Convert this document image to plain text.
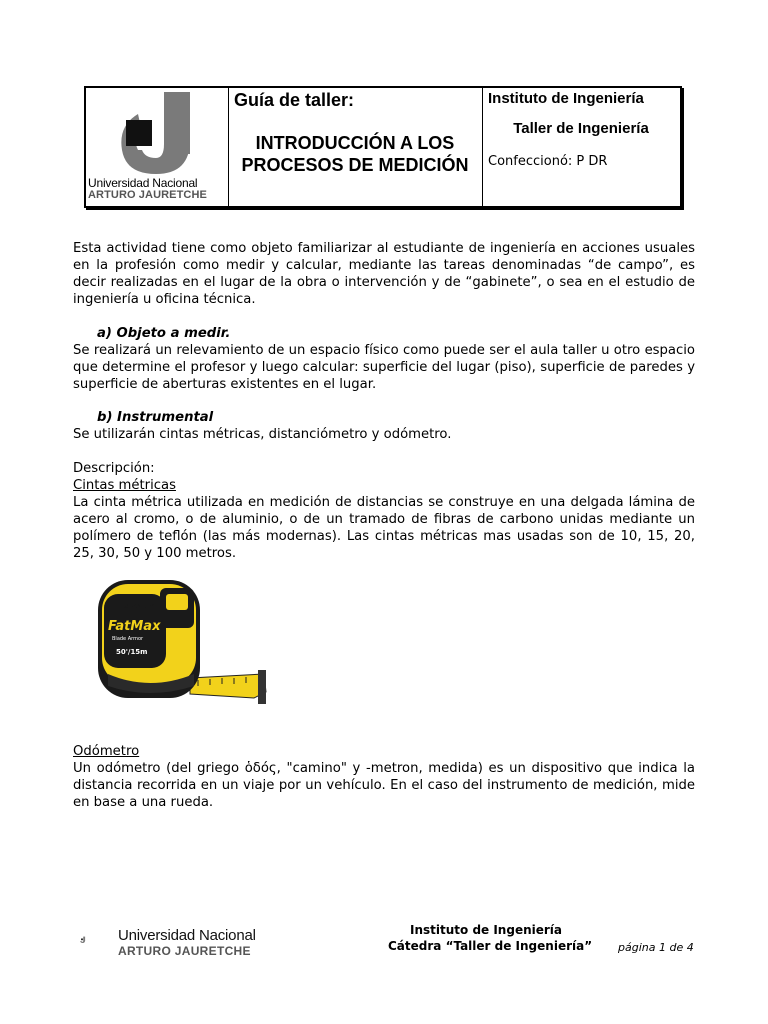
Universidad Nacional
ARTURO JAURETCHE
Guía de taller:
INTRODUCCIÓN A LOS PROCESOS DE MEDICIÓN
Instituto de Ingeniería
Taller de Ingeniería
Confeccionó: P DR
Esta actividad tiene como objeto familiarizar al estudiante de ingeniería en acciones usuales en la profesión como medir y calcular, mediante las tareas denominadas “de campo”, es decir realizadas en el lugar de la obra o intervención y de “gabinete”, o sea en el estudio de ingeniería u oficina técnica.
a) Objeto a medir.
Se realizará un relevamiento de un espacio físico como puede ser el aula taller u otro espacio que determine el profesor y luego calcular: superficie del lugar (piso), superficie de paredes y superficie de aberturas existentes en el lugar.
b) Instrumental
Se utilizarán cintas métricas, distanciómetro y odómetro.
Descripción:
Cintas métricas
La cinta métrica utilizada en medición de distancias se construye en una delgada lámina de acero al cromo, o de aluminio, o de un tramado de fibras de carbono unidas mediante un polímero de teflón (las más modernas). Las cintas métricas mas usadas son de 10, 15, 20, 25, 30, 50 y 100 metros.
STANLEY
FatMax
Blade Armor
50'/15m
Odómetro
Un odómetro (del griego ὁδός, "camino" y -metron, medida) es un dispositivo que indica la distancia recorrida en un viaje por un vehículo. En el caso del instrumento de medición, mide en base a una rueda.
Universidad Nacional
ARTURO JAURETCHE
Instituto de Ingeniería
Cátedra “Taller de Ingeniería” página 1 de 4
